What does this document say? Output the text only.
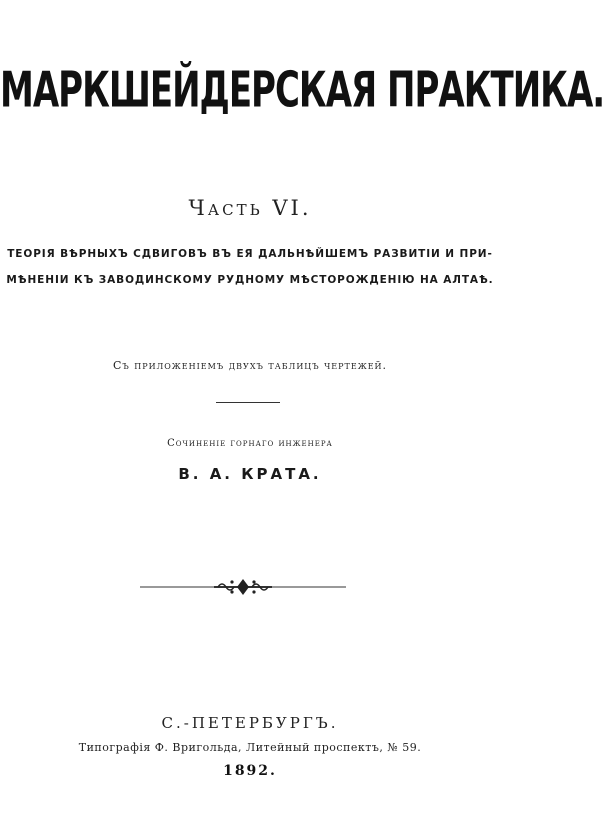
МАРКШЕЙДЕРСКАЯ ПРАКТИКА.
Часть VI.
ТЕОРІЯ ВѢРНЫХЪ СДВИГОВЪ ВЪ ЕЯ ДАЛЬНѢЙШЕМЪ РАЗВИТІИ И ПРИ-
МѢНЕНІИ КЪ ЗАВОДИНСКОМУ РУДНОМУ МѢСТОРОЖДЕНІЮ НА АЛТАѢ.
Съ приложеніемъ двухъ таблицъ чертежей.
Сочиненіе горнаго инженера
В. А. КРАТА.
С.-ПЕТЕРБУРГЪ.
Типографія Ф. Вригольда, Литейный проспектъ, № 59.
1892.
